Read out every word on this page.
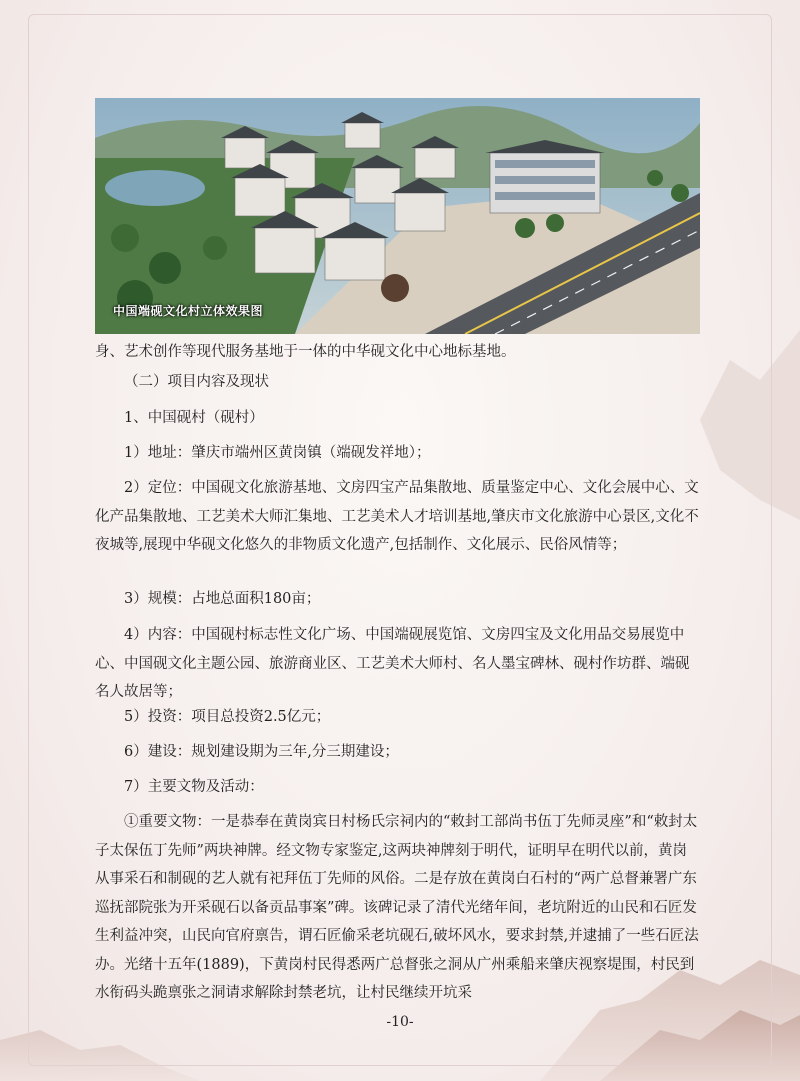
中国端砚文化村立体效果图

身、艺术创作等现代服务基地于一体的中华砚文化中心地标基地。

（二）项目内容及现状

1、中国砚村（砚村）

1）地址：肇庆市端州区黄岗镇（端砚发祥地）；

2）定位：中国砚文化旅游基地、文房四宝产品集散地、质量鉴定中心、文化会展中心、文化产品集散地、工艺美术大师汇集地、工艺美术人才培训基地,肇庆市文化旅游中心景区,文化不夜城等,展现中华砚文化悠久的非物质文化遗产,包括制作、文化展示、民俗风情等；

3）规模：占地总面积180亩；

4）内容：中国砚村标志性文化广场、中国端砚展览馆、文房四宝及文化用品交易展览中心、中国砚文化主题公园、旅游商业区、工艺美术大师村、名人墨宝碑林、砚村作坊群、端砚名人故居等；

5）投资：项目总投资2.5亿元；

6）建设：规划建设期为三年,分三期建设；

7）主要文物及活动：

①重要文物：一是恭奉在黄岗宾日村杨氏宗祠内的“敕封工部尚书伍丁先师灵座”和“敕封太子太保伍丁先师”两块神牌。经文物专家鉴定,这两块神牌刻于明代，证明早在明代以前，黄岗从事采石和制砚的艺人就有祀拜伍丁先师的风俗。二是存放在黄岗白石村的“两广总督兼署广东巡抚部院张为开采砚石以备贡品事案”碑。该碑记录了清代光绪年间，老坑附近的山民和石匠发生利益冲突，山民向官府禀告，谓石匠偷采老坑砚石,破坏风水，要求封禁,并逮捕了一些石匠法办。光绪十五年(1889)，下黄岗村民得悉两广总督张之洞从广州乘船来肇庆视察堤围，村民到水衔码头跪禀张之洞请求解除封禁老坑，让村民继续开坑采

-10-
